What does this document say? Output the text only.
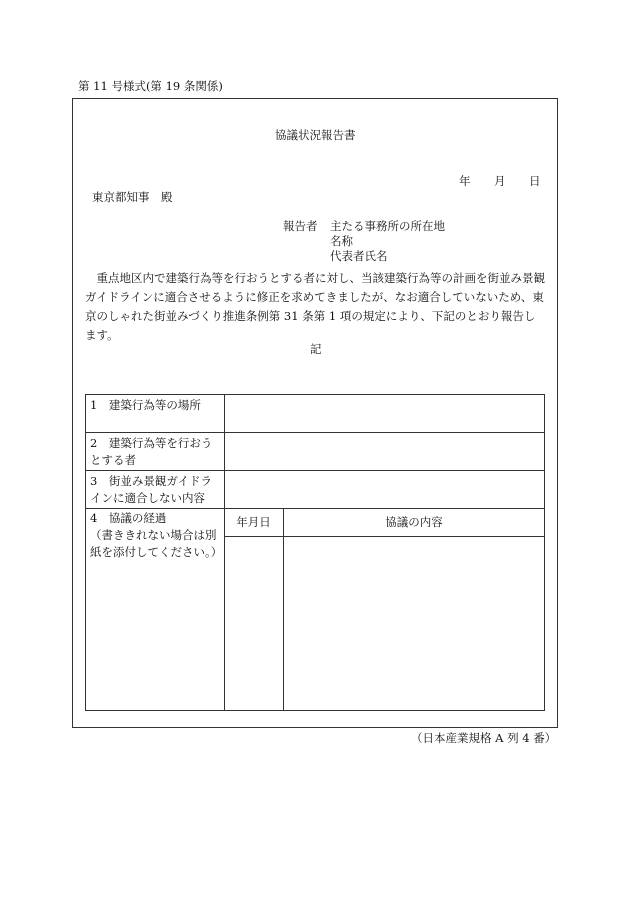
第 11 号様式(第 19 条関係)
協議状況報告書
年 月 日
東京都知事　殿
報告者 主たる事務所の所在地
名称
代表者氏名
重点地区内で建築行為等を行おうとする者に対し、当該建築行為等の計画を街並み景観ガイドラインに適合させるように修正を求めてきましたが、なお適合していないため、東京のしゃれた街並みづくり推進条例第 31 条第 1 項の規定により、下記のとおり報告します。
記
1　建築行為等の場所
2　建築行為等を行おうとする者
3　街並み景観ガイドラインに適合しない内容
4　協議の経過
（書ききれない場合は別紙を添付してください。）
年月日	協議の内容
（日本産業規格 A 列 4 番）
